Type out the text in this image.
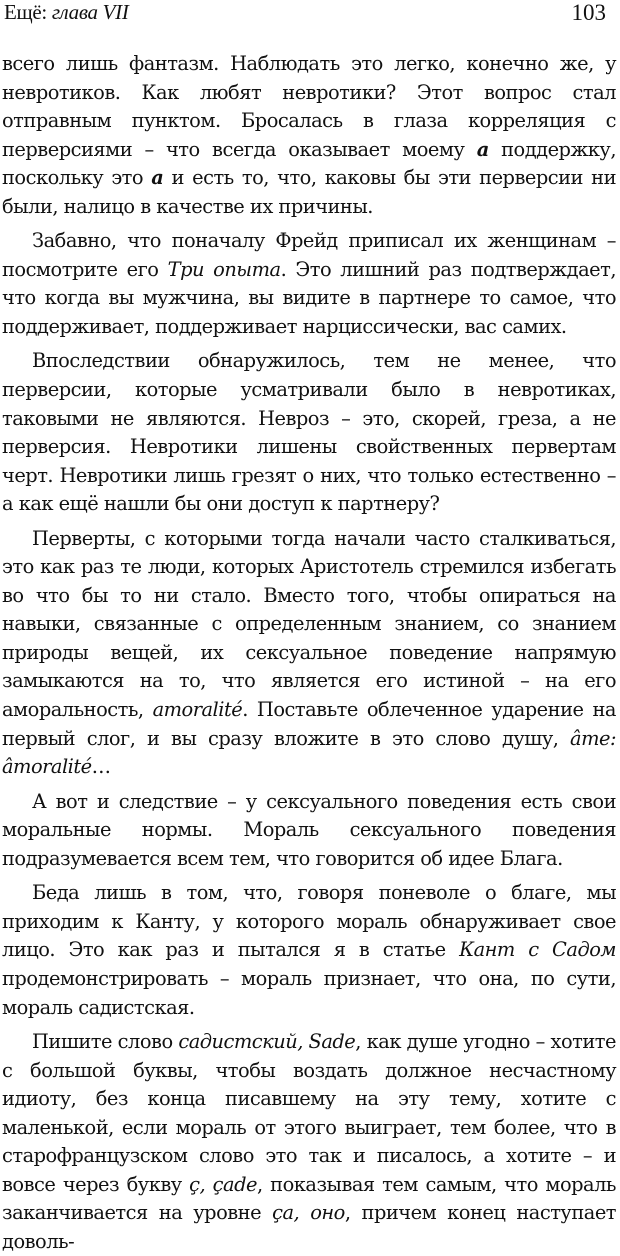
Ещё: глава VII	103

всего лишь фантазм. Наблюдать это легко, конечно же, у невротиков. Как любят невротики? Этот вопрос стал отправным пунктом. Бросалась в глаза корреляция с перверсиями – что всегда оказывает моему а поддержку, поскольку это а и есть то, что, каковы бы эти перверсии ни были, налицо в качестве их причины.

Забавно, что поначалу Фрейд приписал их женщинам – посмотрите его Три опыта. Это лишний раз подтверждает, что когда вы мужчина, вы видите в партнере то самое, что поддерживает, поддерживает нарциссически, вас самих.

Впоследствии обнаружилось, тем не менее, что перверсии, которые усматривали было в невротиках, таковыми не являются. Невроз – это, скорей, греза, а не перверсия. Невротики лишены свойственных первертам черт. Невротики лишь грезят о них, что только естественно – а как ещё нашли бы они доступ к партнеру?

Перверты, с которыми тогда начали часто сталкиваться, это как раз те люди, которых Аристотель стремился избегать во что бы то ни стало. Вместо того, чтобы опираться на навыки, связанные с определенным знанием, со знанием природы вещей, их сексуальное поведение напрямую замыкаются на то, что является его истиной – на его аморальность, amoralité. Поставьте облеченное ударение на первый слог, и вы сразу вложите в это слово душу, âme: âmoralité…

А вот и следствие – у сексуального поведения есть свои моральные нормы. Мораль сексуального поведения подразумевается всем тем, что говорится об идее Блага.

Беда лишь в том, что, говоря поневоле о благе, мы приходим к Канту, у которого мораль обнаруживает свое лицо. Это как раз и пытался я в статье Кант с Садом продемонстрировать – мораль признает, что она, по сути, мораль садистская.

Пишите слово садистский, Sade, как душе угодно – хотите с большой буквы, чтобы воздать должное несчастному идиоту, без конца писавшему на эту тему, хотите с маленькой, если мораль от этого выиграет, тем более, что в старофранцузском слово это так и писалось, а хотите – и вовсе через букву ç, çade, показывая тем самым, что мораль заканчивается на уровне ça, оно, причем конец наступает доволь-
